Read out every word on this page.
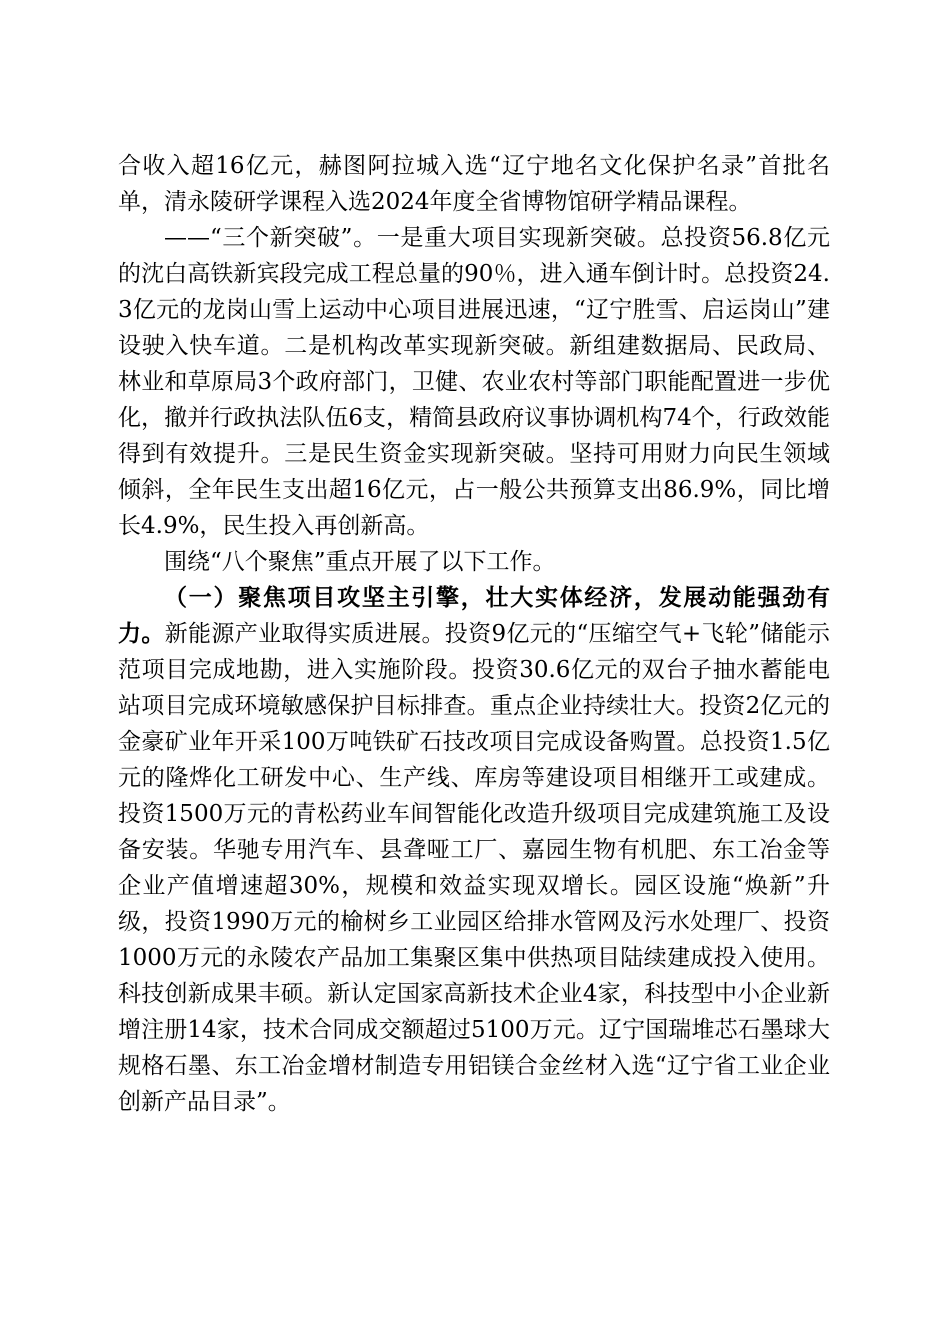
合收入超16亿元，赫图阿拉城入选“辽宁地名文化保护名录”首批名单，清永陵研学课程入选2024年度全省博物馆研学精品课程。

——“三个新突破”。一是重大项目实现新突破。总投资56.8亿元的沈白高铁新宾段完成工程总量的90％，进入通车倒计时。总投资24.3亿元的龙岗山雪上运动中心项目进展迅速，“辽宁胜雪、启运岗山”建设驶入快车道。二是机构改革实现新突破。新组建数据局、民政局、林业和草原局3个政府部门，卫健、农业农村等部门职能配置进一步优化，撤并行政执法队伍6支，精简县政府议事协调机构74个，行政效能得到有效提升。三是民生资金实现新突破。坚持可用财力向民生领域倾斜，全年民生支出超16亿元，占一般公共预算支出86.9%，同比增长4.9%，民生投入再创新高。

围绕“八个聚焦”重点开展了以下工作。

（一）聚焦项目攻坚主引擎，壮大实体经济，发展动能强劲有力。新能源产业取得实质进展。投资9亿元的“压缩空气+飞轮”储能示范项目完成地勘，进入实施阶段。投资30.6亿元的双台子抽水蓄能电站项目完成环境敏感保护目标排查。重点企业持续壮大。投资2亿元的金豪矿业年开采100万吨铁矿石技改项目完成设备购置。总投资1.5亿元的隆烨化工研发中心、生产线、库房等建设项目相继开工或建成。投资1500万元的青松药业车间智能化改造升级项目完成建筑施工及设备安装。华驰专用汽车、县聋哑工厂、嘉园生物有机肥、东工冶金等企业产值增速超30%，规模和效益实现双增长。园区设施“焕新”升级，投资1990万元的榆树乡工业园区给排水管网及污水处理厂、投资1000万元的永陵农产品加工集聚区集中供热项目陆续建成投入使用。科技创新成果丰硕。新认定国家高新技术企业4家，科技型中小企业新增注册14家，技术合同成交额超过5100万元。辽宁国瑞堆芯石墨球大规格石墨、东工冶金增材制造专用铝镁合金丝材入选“辽宁省工业企业创新产品目录”。
